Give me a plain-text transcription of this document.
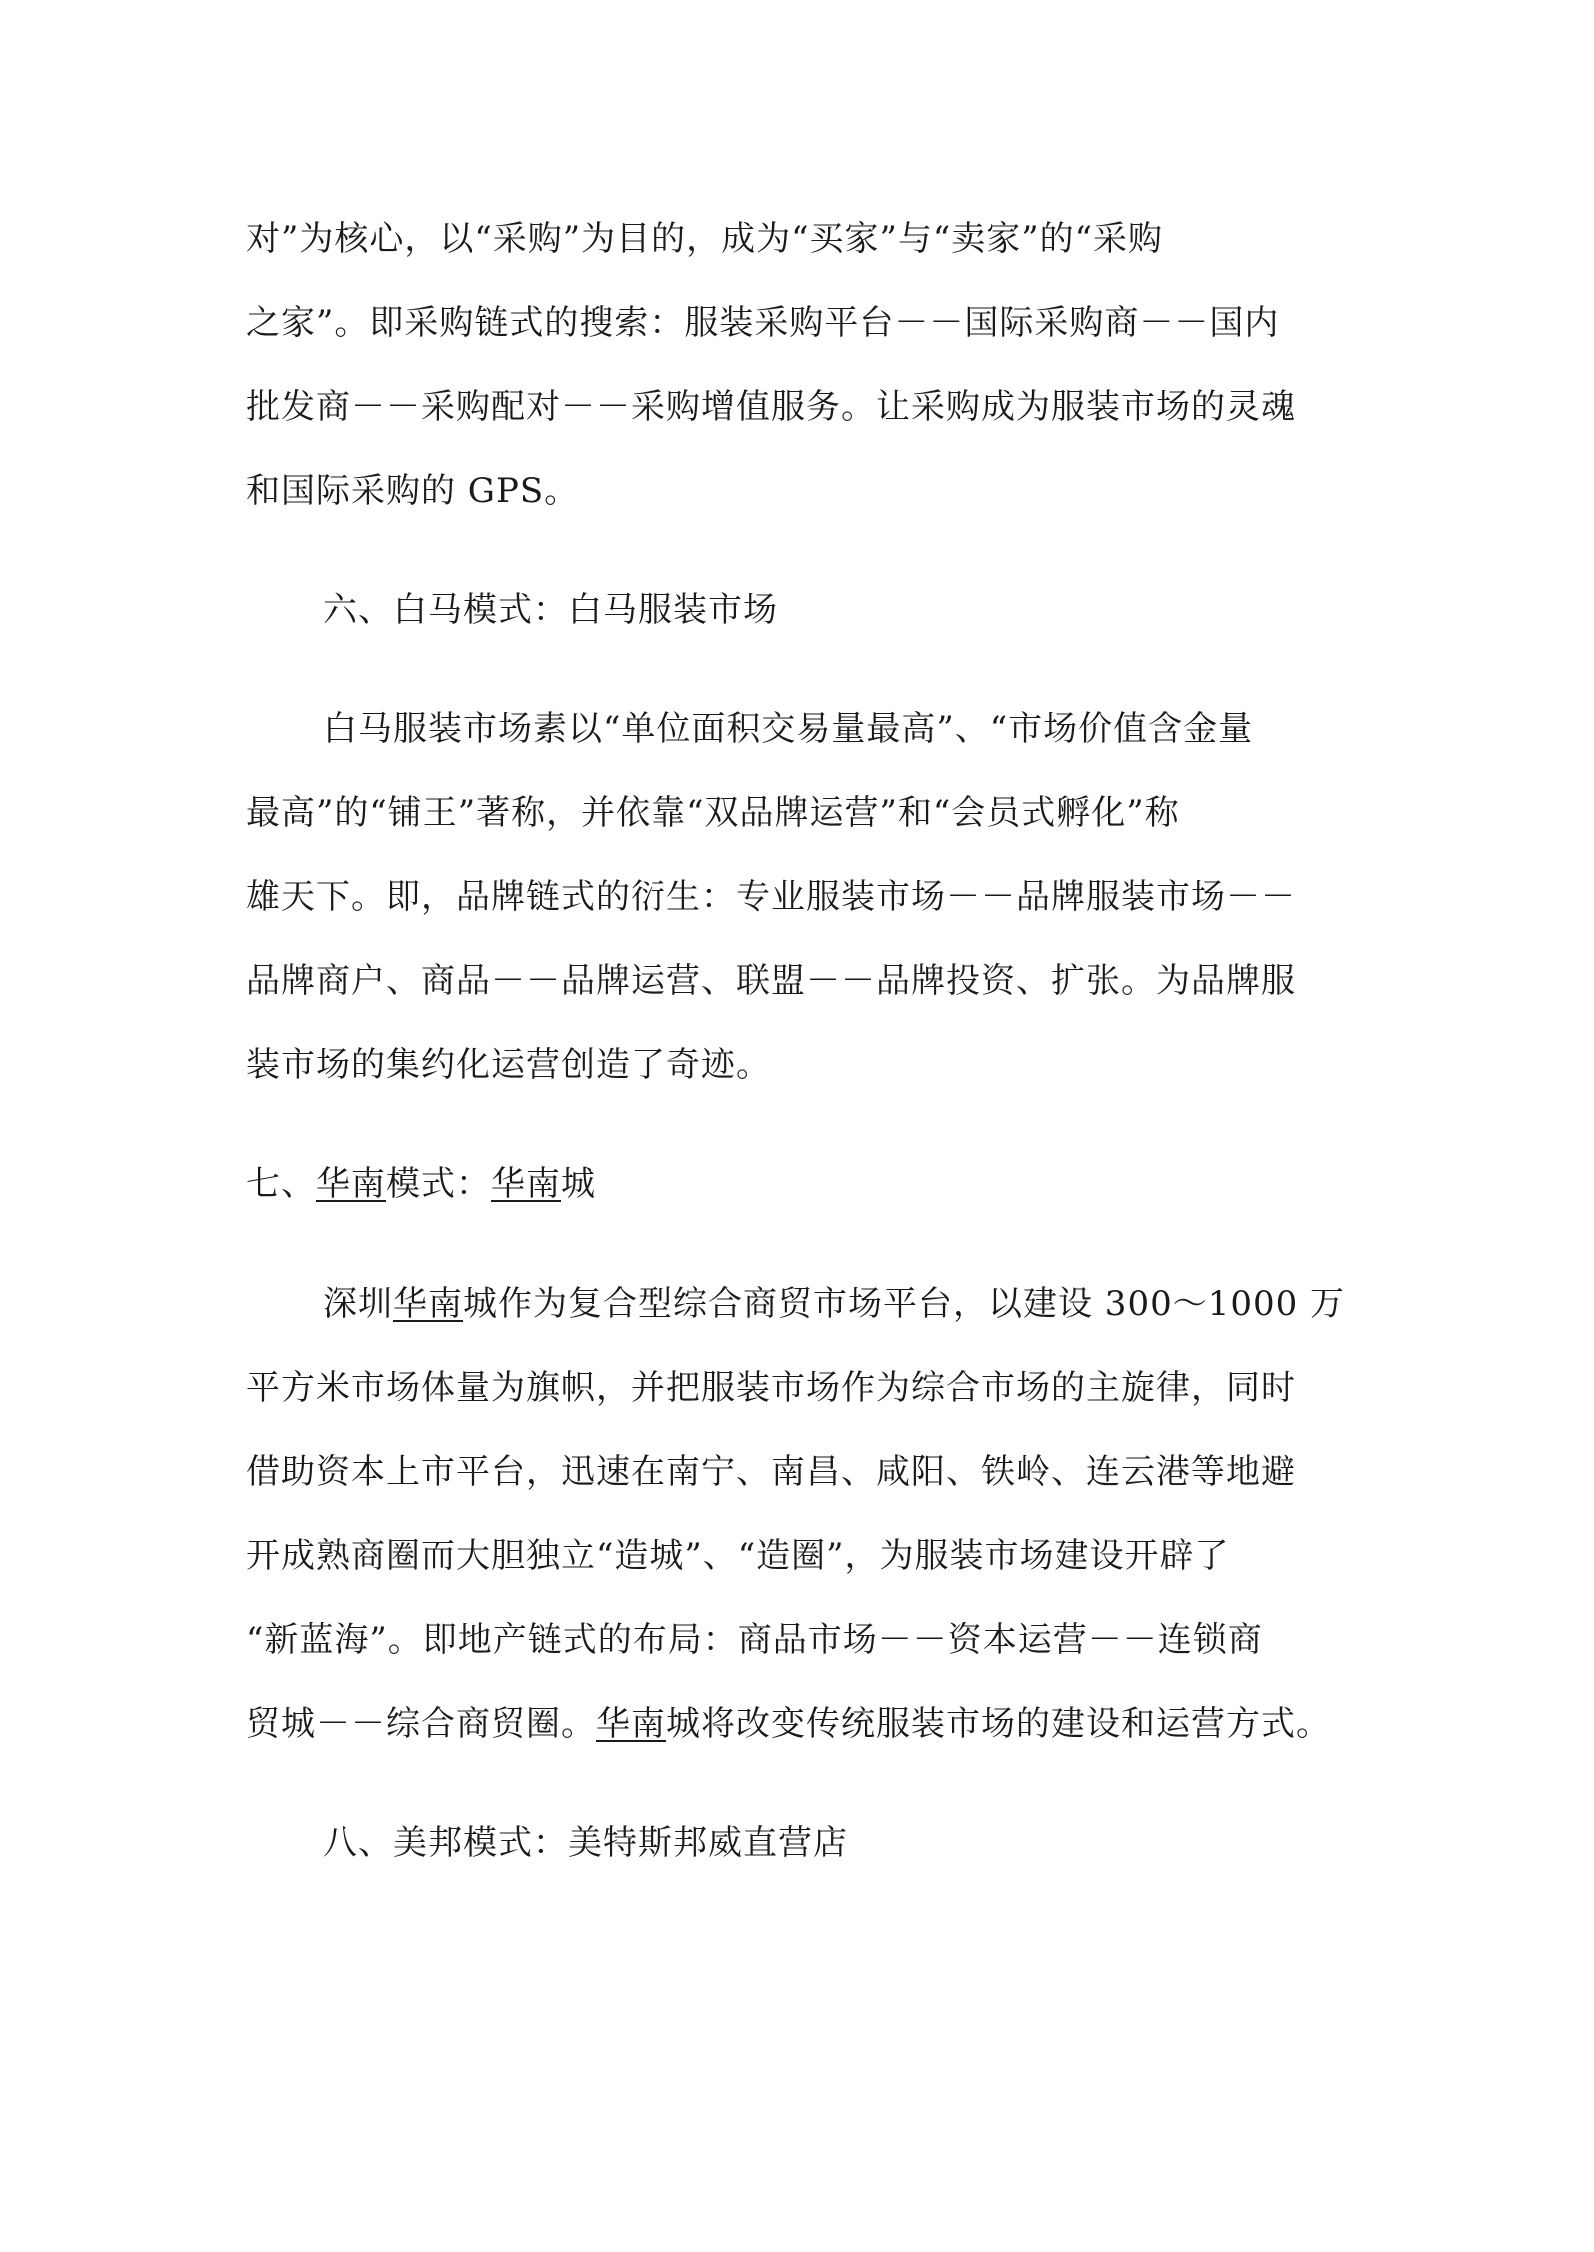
对”为核心，以“采购”为目的，成为“买家”与“卖家”的“采购
之家”。即采购链式的搜索：服装采购平台－－国际采购商－－国内
批发商－－采购配对－－采购增值服务。让采购成为服装市场的灵魂
和国际采购的 GPS。
六、白马模式：白马服装市场
白马服装市场素以“单位面积交易量最高”、“市场价值含金量
最高”的“铺王”著称，并依靠“双品牌运营”和“会员式孵化”称
雄天下。即，品牌链式的衍生：专业服装市场－－品牌服装市场－－
品牌商户、商品－－品牌运营、联盟－－品牌投资、扩张。为品牌服
装市场的集约化运营创造了奇迹。
七、华南模式：华南城
深圳华南城作为复合型综合商贸市场平台，以建设 300～1000 万
平方米市场体量为旗帜，并把服装市场作为综合市场的主旋律，同时
借助资本上市平台，迅速在南宁、南昌、咸阳、铁岭、连云港等地避
开成熟商圈而大胆独立“造城”、“造圈”，为服装市场建设开辟了
“新蓝海”。即地产链式的布局：商品市场－－资本运营－－连锁商
贸城－－综合商贸圈。华南城将改变传统服装市场的建设和运营方式。
八、美邦模式：美特斯邦威直营店
